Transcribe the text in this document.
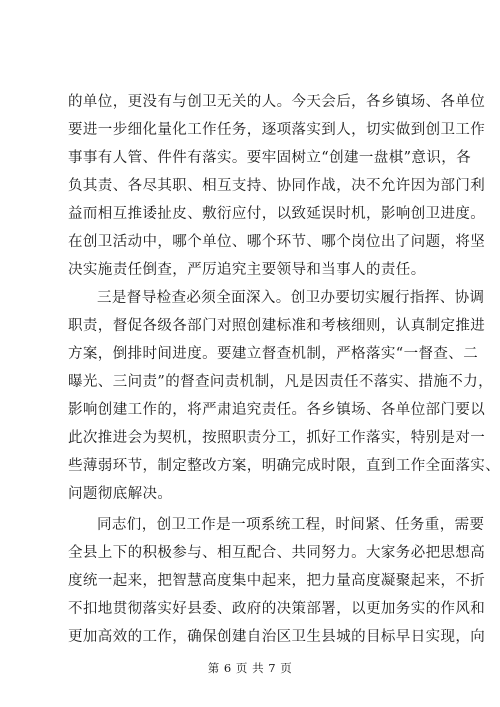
的单位，更没有与创卫无关的人。今天会后，各乡镇场、各单位
要进一步细化量化工作任务，逐项落实到人，切实做到创卫工作
事事有人管、件件有落实。要牢固树立“创建一盘棋”意识，各
负其责、各尽其职、相互支持、协同作战，决不允许因为部门利
益而相互推诿扯皮、敷衍应付，以致延误时机，影响创卫进度。
在创卫活动中，哪个单位、哪个环节、哪个岗位出了问题，将坚
决实施责任倒查，严厉追究主要领导和当事人的责任。
三是督导检查必须全面深入。创卫办要切实履行指挥、协调
职责，督促各级各部门对照创建标准和考核细则，认真制定推进
方案，倒排时间进度。要建立督查机制，严格落实“一督查、二
曝光、三问责”的督查问责机制，凡是因责任不落实、措施不力，
影响创建工作的，将严肃追究责任。各乡镇场、各单位部门要以
此次推进会为契机，按照职责分工，抓好工作落实，特别是对一
些薄弱环节，制定整改方案，明确完成时限，直到工作全面落实、
问题彻底解决。
同志们，创卫工作是一项系统工程，时间紧、任务重，需要
全县上下的积极参与、相互配合、共同努力。大家务必把思想高
度统一起来，把智慧高度集中起来，把力量高度凝聚起来，不折
不扣地贯彻落实好县委、政府的决策部署，以更加务实的作风和
更加高效的工作，确保创建自治区卫生县城的目标早日实现，向
第 6 页 共 7 页
